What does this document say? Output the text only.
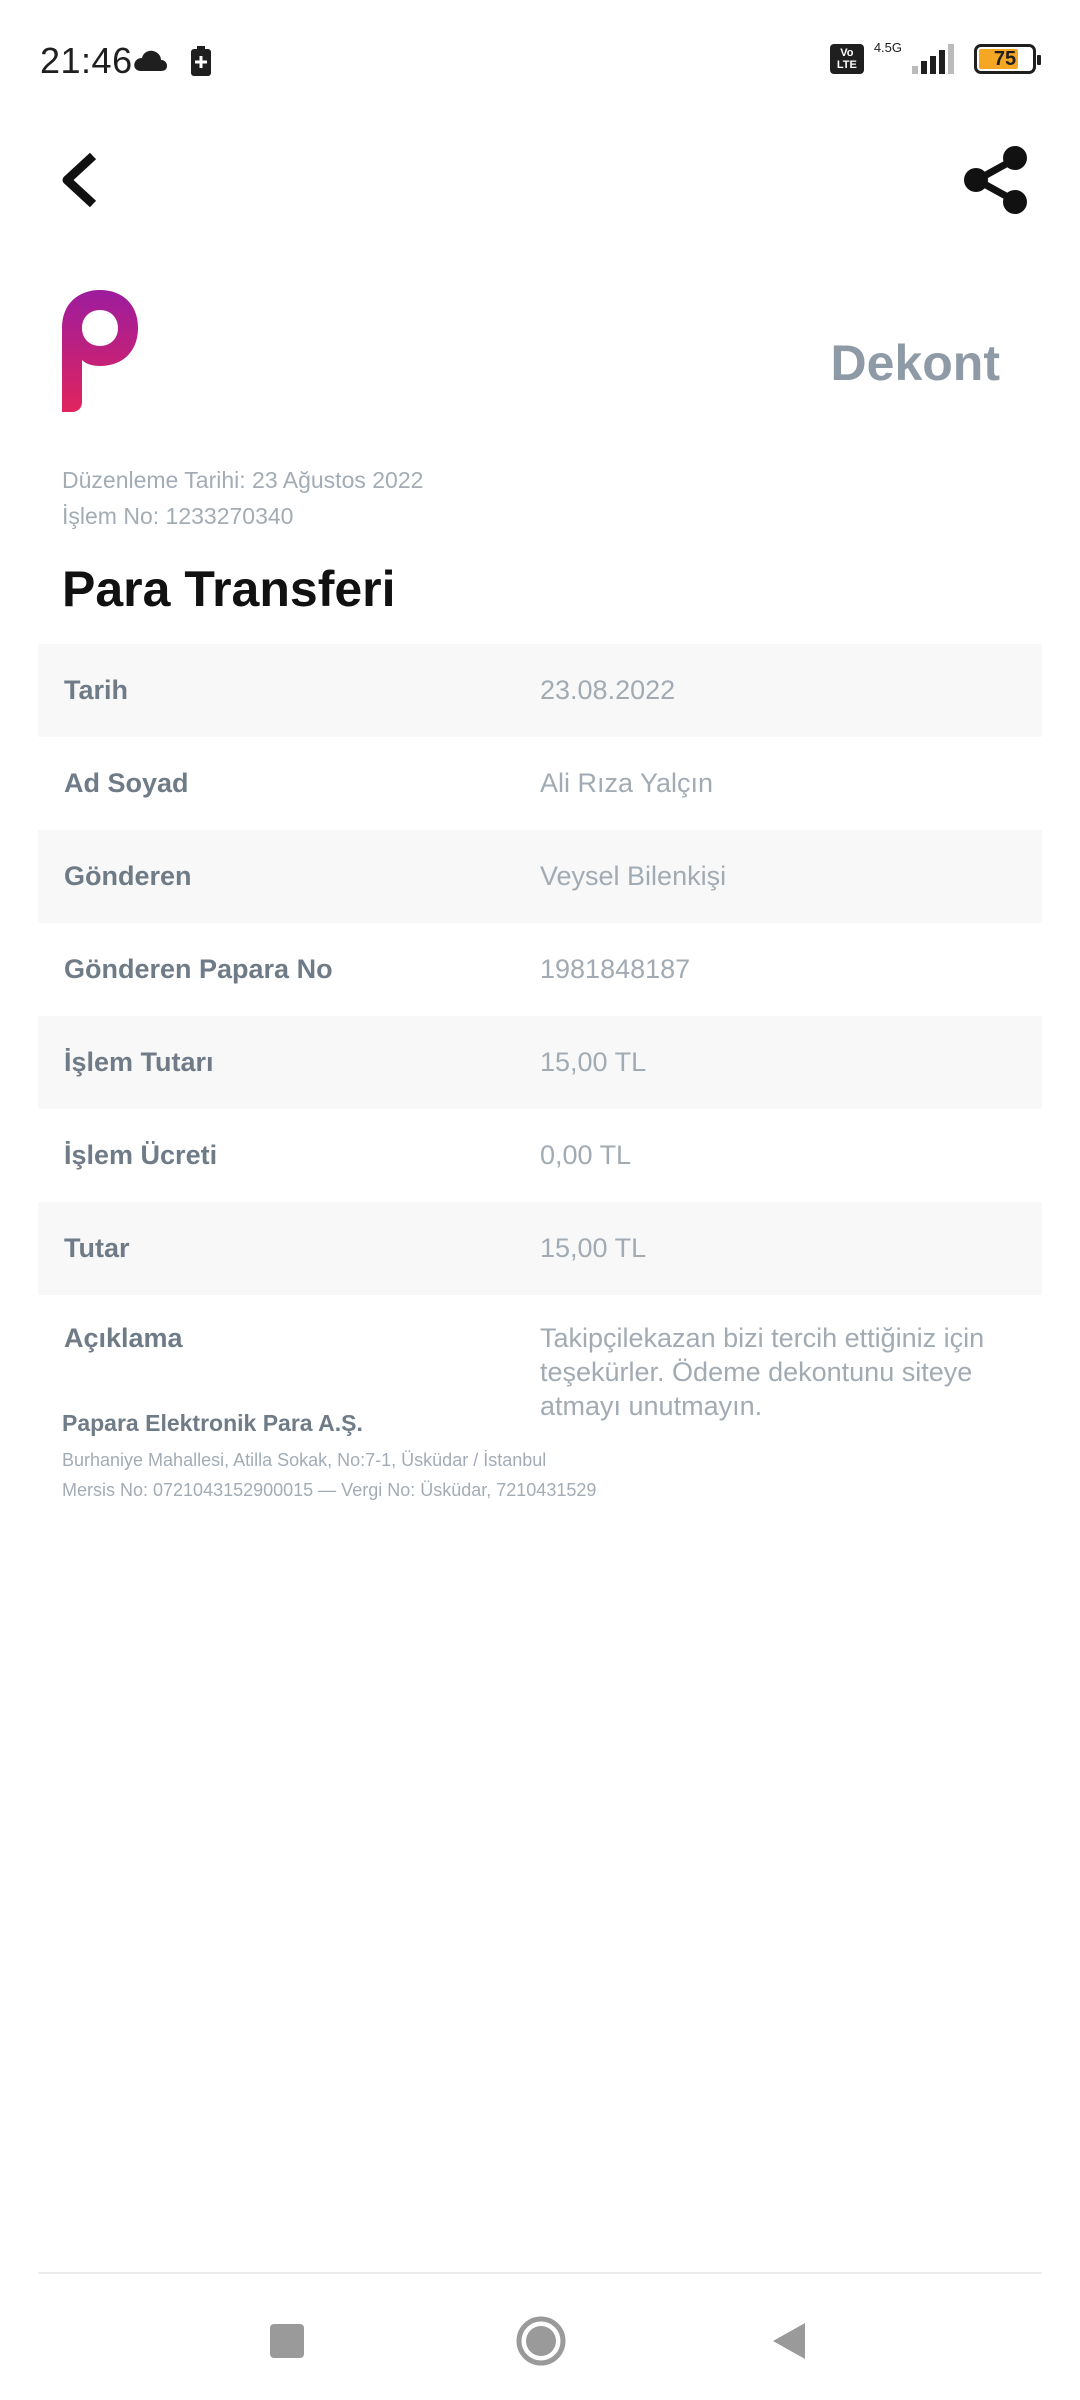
21:46	Vo
LTE
4.5G
75
Dekont
Düzenleme Tarihi: 23 Ağustos 2022
İşlem No: 1233270340
Para Transferi
Tarih	23.08.2022
Ad Soyad	Ali Rıza Yalçın
Gönderen	Veysel Bilenkişi
Gönderen Papara No	1981848187
İşlem Tutarı	15,00 TL
İşlem Ücreti	0,00 TL
Tutar	15,00 TL
Açıklama	Takipçilekazan bizi tercih ettiğiniz için teşekürler. Ödeme dekontunu siteye atmayı unutmayın.
Papara Elektronik Para A.Ş.
Burhaniye Mahallesi, Atilla Sokak, No:7-1, Üsküdar / İstanbul
Mersis No: 0721043152900015 — Vergi No: Üsküdar, 7210431529
